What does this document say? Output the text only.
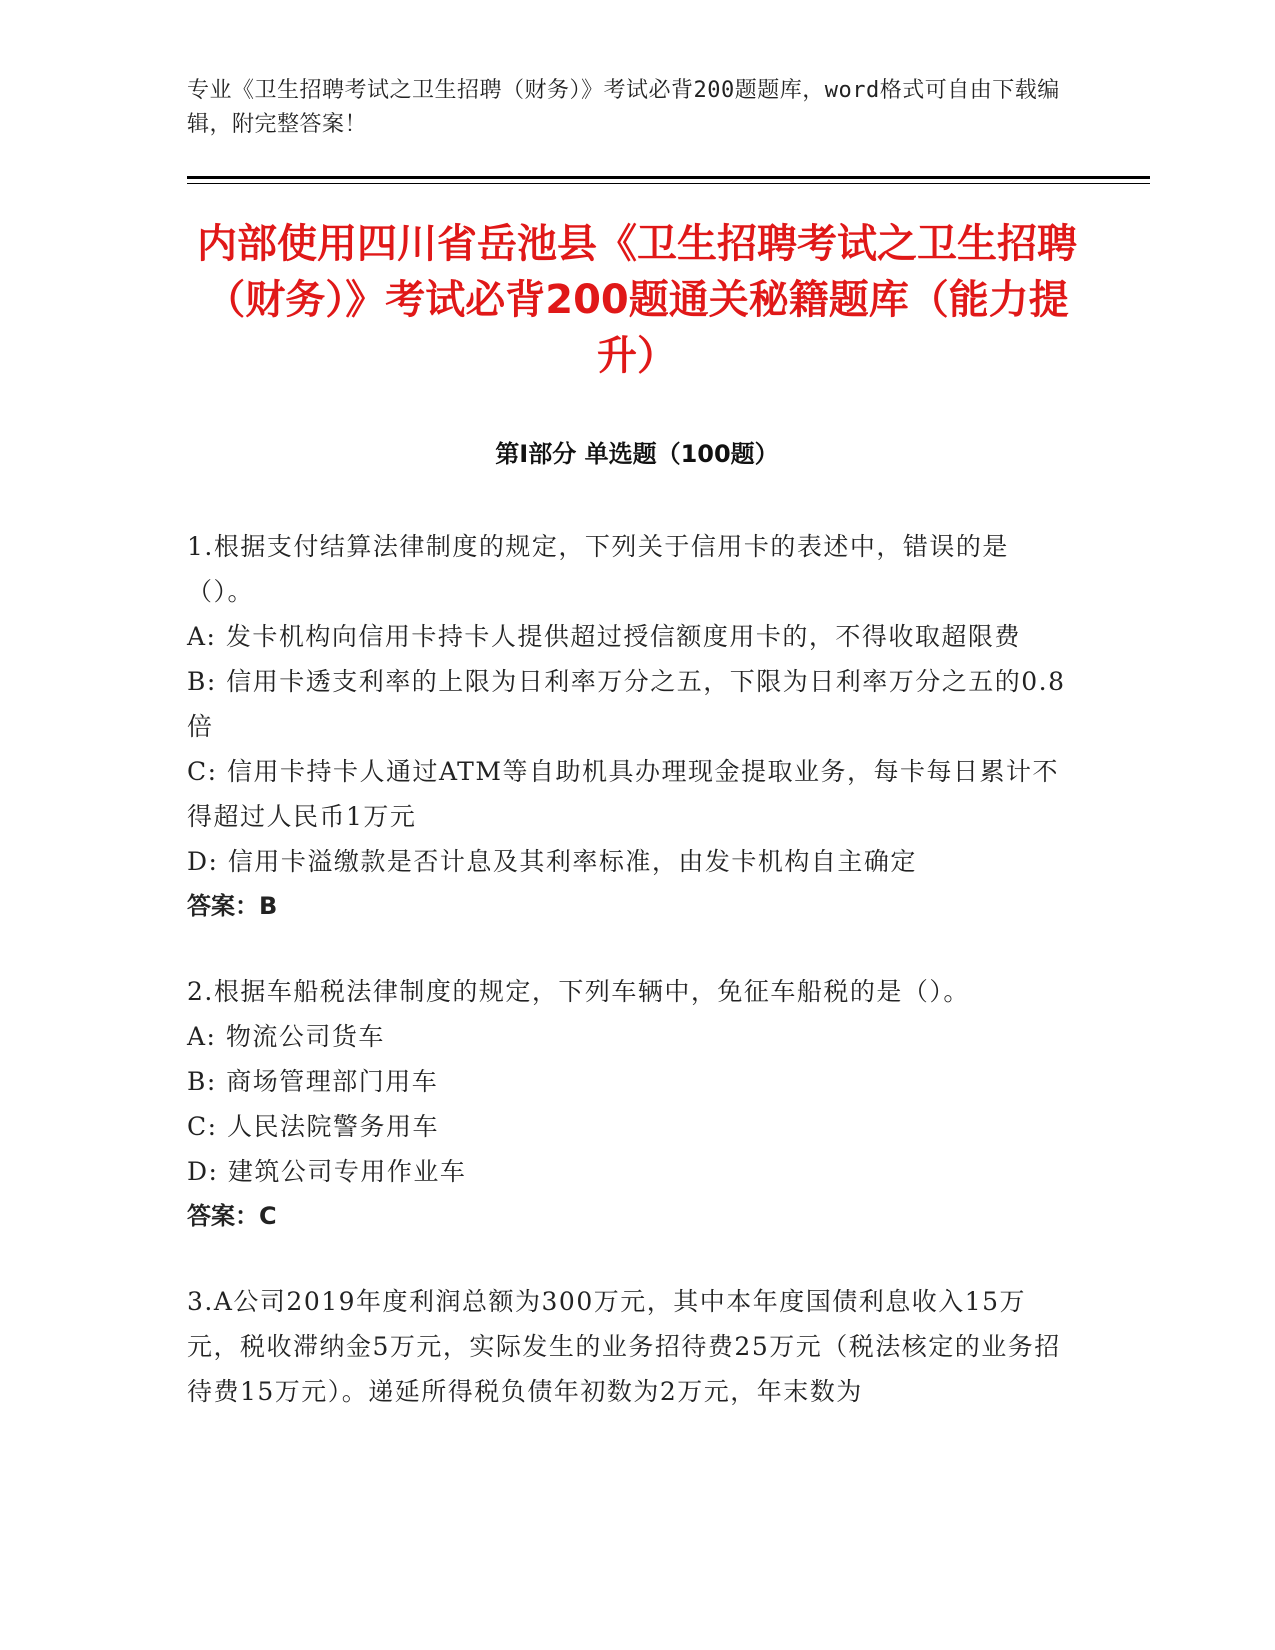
专业《卫生招聘考试之卫生招聘（财务）》考试必背200题题库，word格式可自由下载编辑，附完整答案！
内部使用四川省岳池县《卫生招聘考试之卫生招聘（财务）》考试必背200题通关秘籍题库（能力提升）
第Ⅰ部分 单选题（100题）

1.根据支付结算法律制度的规定，下列关于信用卡的表述中，错误的是（）。

A: 发卡机构向信用卡持卡人提供超过授信额度用卡的，不得收取超限费

B: 信用卡透支利率的上限为日利率万分之五，下限为日利率万分之五的0.8倍

C: 信用卡持卡人通过ATM等自助机具办理现金提取业务，每卡每日累计不得超过人民币1万元

D: 信用卡溢缴款是否计息及其利率标准，由发卡机构自主确定

答案：B

2.根据车船税法律制度的规定，下列车辆中，免征车船税的是（）。

A: 物流公司货车

B: 商场管理部门用车

C: 人民法院警务用车

D: 建筑公司专用作业车

答案：C

3.A公司2019年度利润总额为300万元，其中本年度国债利息收入15万元，税收滞纳金5万元，实际发生的业务招待费25万元（税法核定的业务招待费15万元）。递延所得税负债年初数为2万元，年末数为
